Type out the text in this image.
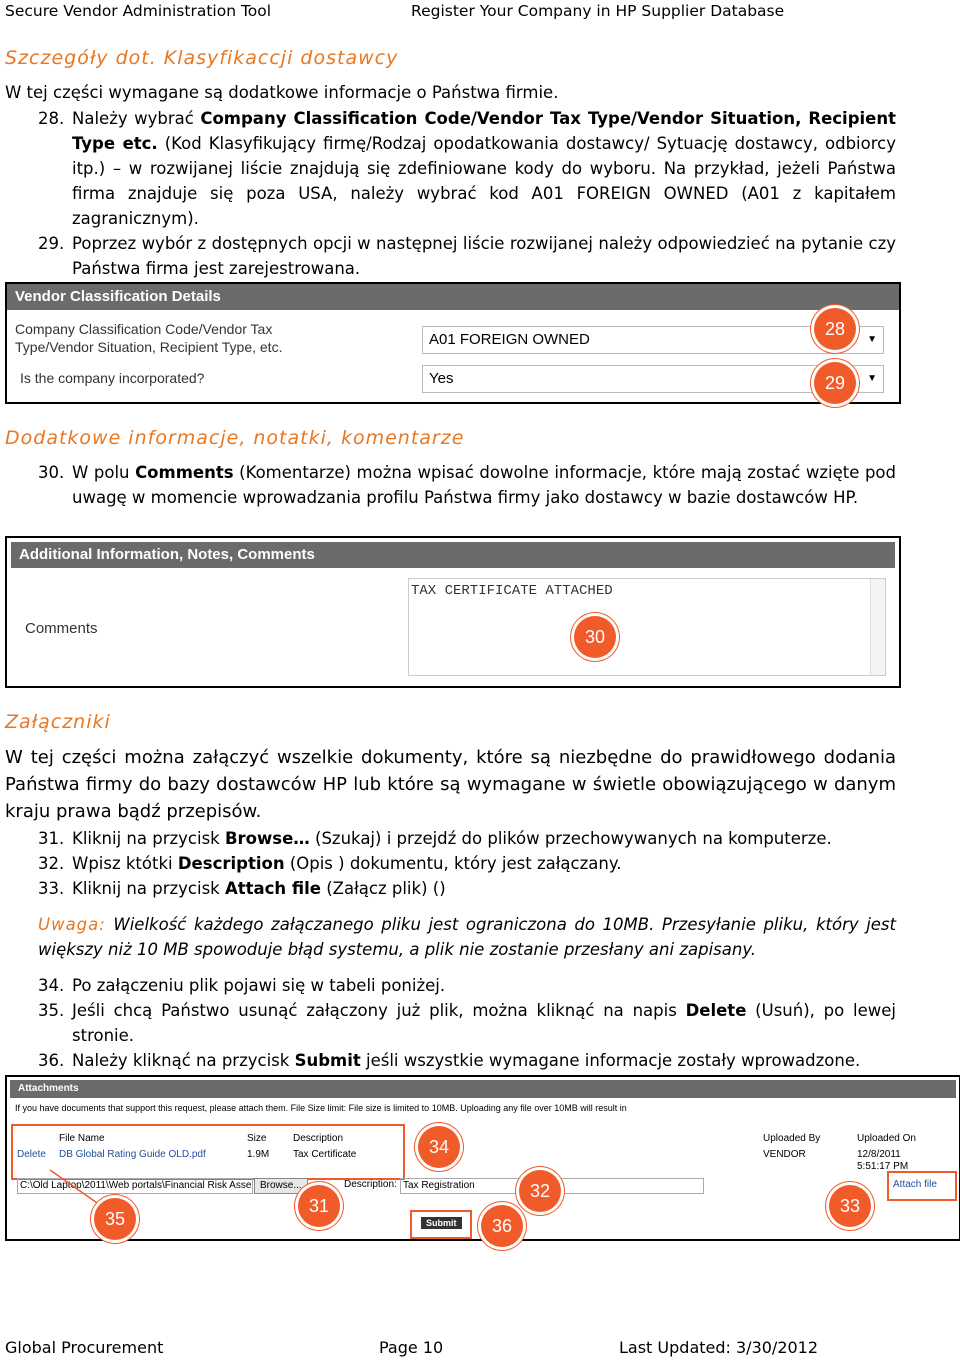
Secure Vendor Administration Tool	Register Your Company in HP Supplier Database
Szczegóły dot. Klasyfikaccji dostawcy
W tej części wymagane są dodatkowe informacje o Państwa firmie.
28. Należy wybrać Company Classification Code/Vendor Tax Type/Vendor Situation, Recipient Type etc. (Kod Klasyfikujący firmę/Rodzaj opodatkowania dostawcy/ Sytuację dostawcy, odbiorcy itp.) – w rozwijanej liście znajdują się zdefiniowane kody do wyboru. Na przykład, jeżeli Państwa firma znajduje się poza USA, należy wybrać kod A01 FOREIGN OWNED (A01 z kapitałem zagranicznym).
29. Poprzez wybór z dostępnych opcji w następnej liście rozwijanej należy odpowiedzieć na pytanie czy Państwa firma jest zarejestrowana.
Vendor Classification Details
Company Classification Code/Vendor Tax Type/Vendor Situation, Recipient Type, etc.	A01 FOREIGN OWNED	▼
Is the company incorporated?	Yes	▼
28
29
Dodatkowe informacje, notatki, komentarze
30. W polu Comments (Komentarze) można wpisać dowolne informacje, które mają zostać wzięte pod uwagę w momencie wprowadzania profilu Państwa firmy jako dostawcy w bazie dostawców HP.
Additional Information, Notes, Comments
Comments
TAX CERTIFICATE ATTACHED
30
Załączniki
W tej części można załączyć wszelkie dokumenty, które są niezbędne do prawidłowego dodania Państwa firmy do bazy dostawców HP lub które są wymagane w świetle obowiązującego w danym kraju prawa bądź przepisów.
31. Kliknij na przycisk Browse… (Szukaj) i przejdź do plików przechowywanych na komputerze.
32. Wpisz któtki Description (Opis ) dokumentu, który jest załączany.
33. Kliknij na przycisk Attach file (Załącz plik) ()
Uwaga: Wielkość każdego załączanego pliku jest ograniczona do 10MB. Przesyłanie pliku, który jest większy niż 10 MB spowoduje błąd systemu, a plik nie zostanie przesłany ani zapisany.
34. Po załączeniu plik pojawi się w tabeli poniżej.
35. Jeśli chcą Państwo usunąć załączony już plik, można kliknąć na napis Delete (Usuń), po lewej stronie.
36. Należy kliknąć na przycisk Submit jeśli wszystkie wymagane informacje zostały wprowadzone.
Attachments
If you have documents that support this request, please attach them. File Size limit: File size is limited to 10MB. Uploading any file over 10MB will result in
File Name	Size	Description	Uploaded By	Uploaded On
Delete DB Global Rating Guide OLD.pdf	1.9M Tax Certificate	VENDOR	12/8/2011 5:51:17 PM
C:\Old Laptop\2011\Web portals\Financial Risk Asse Browse...	Description: Tax Registration	Attach file
Submit
34
32
35
31
36
33
Global Procurement	Page 10	Last Updated: 3/30/2012
